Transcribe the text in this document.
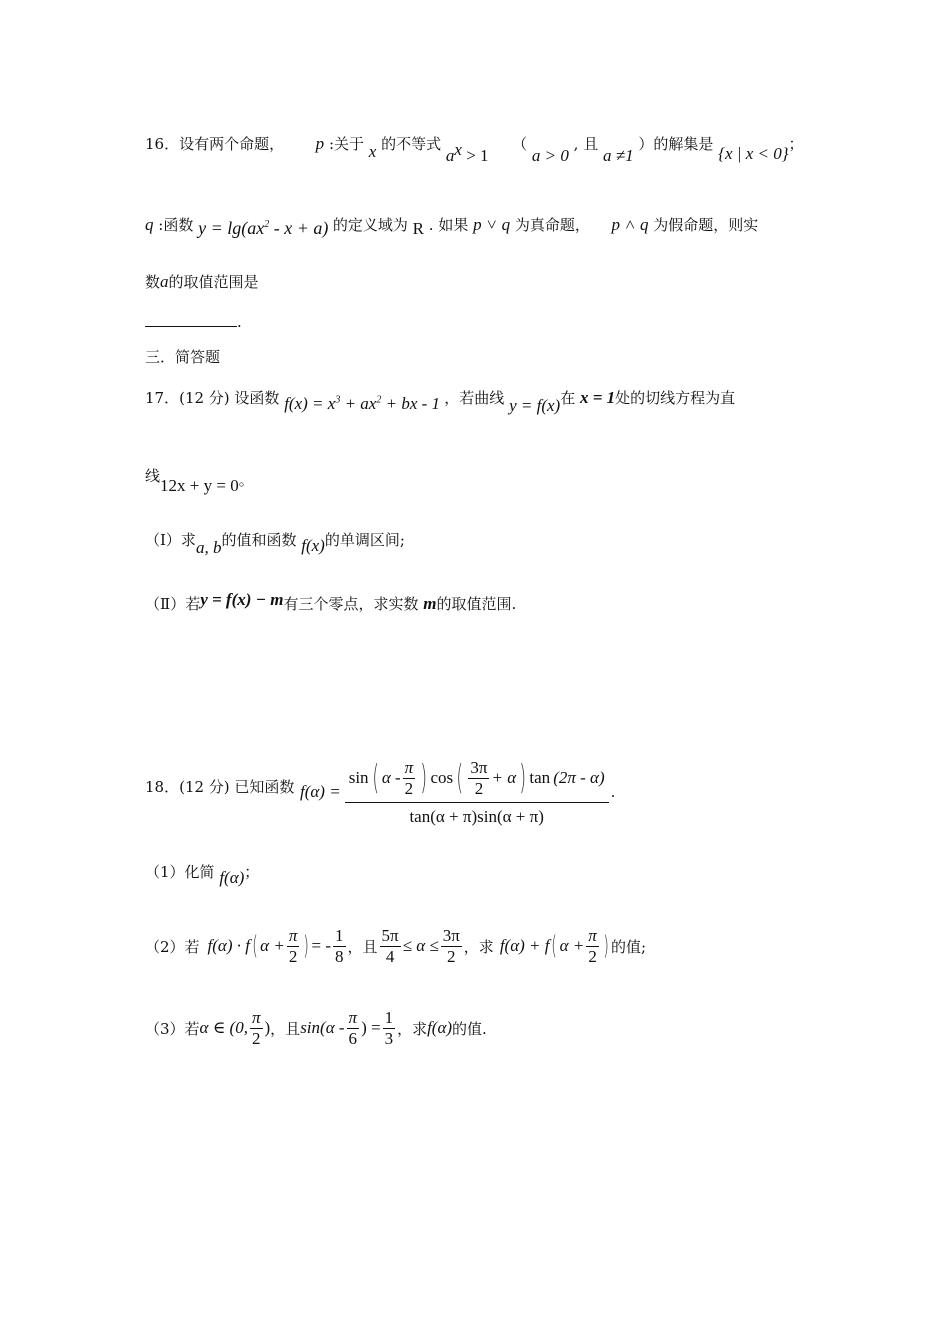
16．设有两个命题， p :关于 x 的不等式 $a^x > 1$  （ a > 0 , 且 a ≠1 ）的解集是 {x | x < 0}；
q :函数 $y = \lg(ax^2 - x + a)$ 的定义域为 R . 如果 p ˅ q 为真命题， p ˄ q 为假命题，则实
数a的取值范围是
.
三．简答题
17．(12 分) 设函数 $f(x) = x^3 + ax^2$ + bx - 1 ，若曲线 y = f(x)在 x = 1处的切线方程为直
线12x + y = 0。
（Ⅰ）求a, b的值和函数 f(x)的单调区间;
（Ⅱ）若y = f(x) − m有三个零点，求实数 m的取值范围.
18．(12 分) 已知函数 f(α) =
sin ( α - $\frac{\pi}{2}$ ) cos ( $\frac{3\pi}{2} + \alpha$ ) tan (2π - α)
tan(α + π)sin(α + π)
.
（1）化简 f(α)；
（2）若 f(α) · f ( $\alpha + \frac{\pi}{2}$ ) = - $\frac{1}{8}$ ，且 $\frac{5\pi}{4} \le \alpha \le \frac{3\pi}{2}$ ，求 f(α) + f ( $\alpha + \frac{\pi}{2}$ ) 的值;
（3）若 α ∈ (0, $\frac{\pi}{2}$ ) ，且 $\sin(\alpha - \frac{\pi}{6}$ ) = $\frac{1}{3}$ ，求 f(α) 的值.
